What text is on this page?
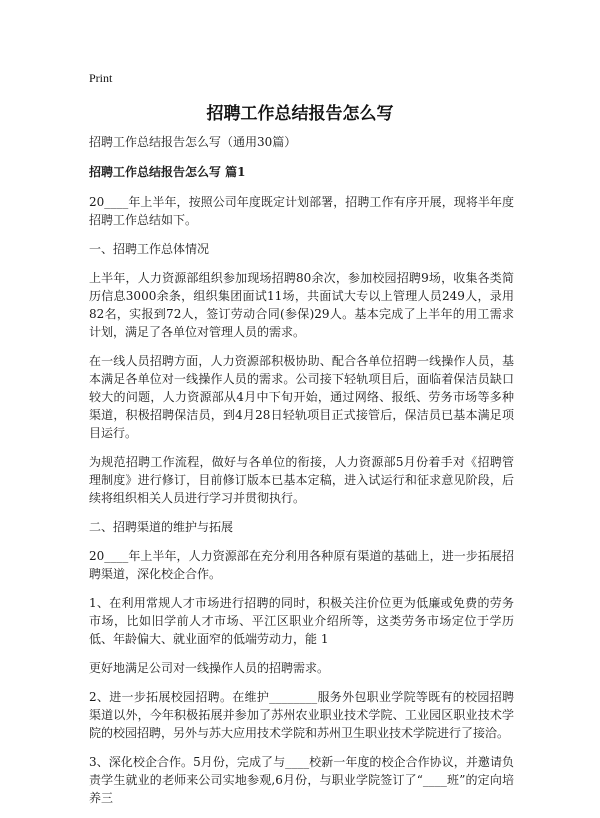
Print
招聘工作总结报告怎么写

招聘工作总结报告怎么写（通用30篇）

招聘工作总结报告怎么写 篇1

20____年上半年，按照公司年度既定计划部署，招聘工作有序开展，现将半年度招聘工作总结如下。

一、招聘工作总体情况

上半年，人力资源部组织参加现场招聘80余次，参加校园招聘9场，收集各类简历信息3000余条，组织集团面试11场，共面试大专以上管理人员249人，录用82名，实报到72人，签订劳动合同(参保)29人。基本完成了上半年的用工需求计划，满足了各单位对管理人员的需求。

在一线人员招聘方面，人力资源部积极协助、配合各单位招聘一线操作人员，基本满足各单位对一线操作人员的需求。公司接下轻轨项目后，面临着保洁员缺口较大的问题，人力资源部从4月中下旬开始，通过网络、报纸、劳务市场等多种渠道，积极招聘保洁员，到4月28日轻轨项目正式接管后，保洁员已基本满足项目运行。

为规范招聘工作流程，做好与各单位的衔接，人力资源部5月份着手对《招聘管理制度》进行修订，目前修订版本已基本定稿，进入试运行和征求意见阶段，后续将组织相关人员进行学习并贯彻执行。

二、招聘渠道的维护与拓展

20____年上半年，人力资源部在充分利用各种原有渠道的基础上，进一步拓展招聘渠道，深化校企合作。

1、在利用常规人才市场进行招聘的同时，积极关注价位更为低廉或免费的劳务市场，比如旧学前人才市场、平江区职业介绍所等，这类劳务市场定位于学历低、年龄偏大、就业面窄的低端劳动力，能 1

更好地满足公司对一线操作人员的招聘需求。

2、进一步拓展校园招聘。在维护________服务外包职业学院等既有的校园招聘渠道以外，今年积极拓展并参加了苏州农业职业技术学院、工业园区职业技术学院的校园招聘，另外与苏大应用技术学院和苏州卫生职业技术学院进行了接洽。

3、深化校企合作。5月份，完成了与____校新一年度的校企合作协议，并邀请负责学生就业的老师来公司实地参观,6月份，与职业学院签订了“____班”的定向培养三
